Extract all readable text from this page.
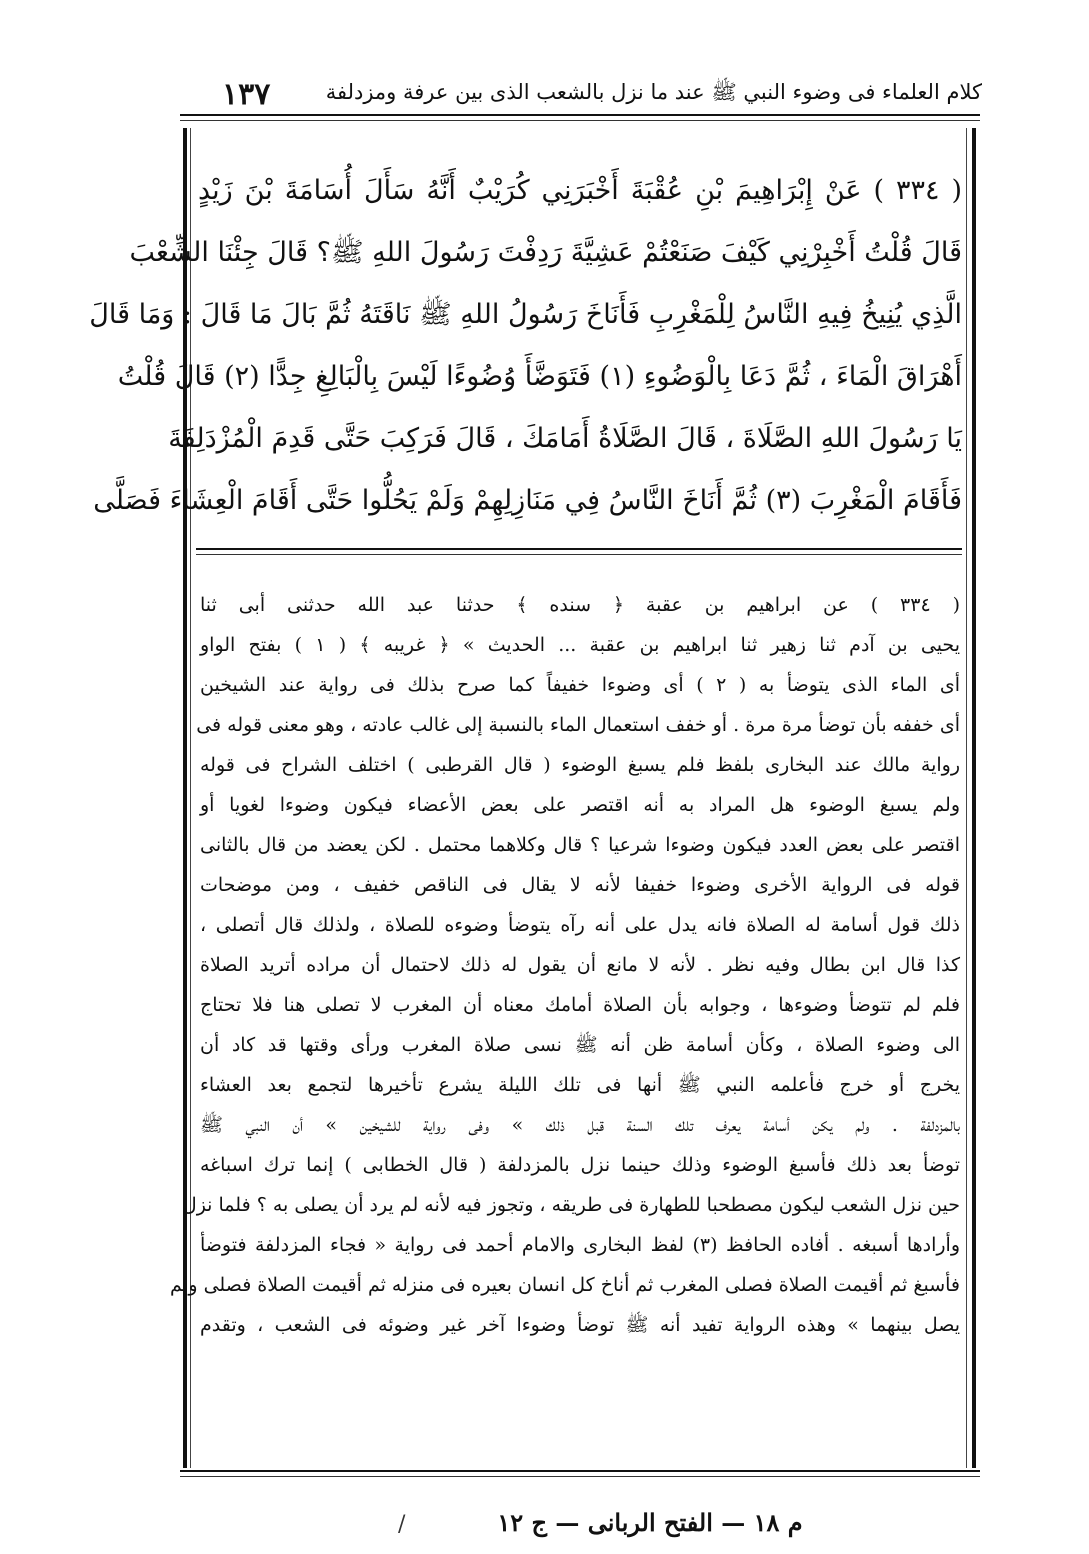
كلام العلماء فى وضوء النبي ﷺ عند ما نزل بالشعب الذى بين عرفة ومزدلفة
١٣٧
( ٣٣٤ ) عَنْ إِبْرَاهِيمَ بْنِ عُقْبَةَ أَخْبَرَنِي كُرَيْبٌ أَنَّهُ سَأَلَ أُسَامَةَ بْنَ زَيْدٍ
قَالَ قُلْتُ أَخْبِرْنِي كَيْفَ صَنَعْتُمْ عَشِيَّةَ رَدِفْتَ رَسُولَ اللهِ ﷺ؟ قَالَ جِئْنَا الشِّعْبَ
الَّذِي يُنِيخُ فِيهِ النَّاسُ لِلْمَغْرِبِ فَأَنَاخَ رَسُولُ اللهِ ﷺ نَاقَتَهُ ثُمَّ بَالَ مَا قَالَ : وَمَا قَالَ
أَهْرَاقَ الْمَاءَ ، ثُمَّ دَعَا بِالْوَضُوءِ (١) فَتَوَضَّأَ وُضُوءًا لَيْسَ بِالْبَالِغِ جِدًّا (٢) قَالَ قُلْتُ
يَا رَسُولَ اللهِ الصَّلَاةَ ، قَالَ الصَّلَاةُ أَمَامَكَ ، قَالَ فَرَكِبَ حَتَّى قَدِمَ الْمُزْدَلِفَةَ
فَأَقَامَ الْمَغْرِبَ (٣) ثُمَّ أَنَاخَ النَّاسُ فِي مَنَازِلِهِمْ وَلَمْ يَحُلُّوا حَتَّى أَقَامَ الْعِشَاءَ فَصَلَّى
( ٣٣٤ ) عن ابراهيم بن عقبة ﴿ سنده ﴾ حدثنا عبد الله حدثنى أبى ثنا
يحيى بن آدم ثنا زهير ثنا ابراهيم بن عقبة ... الحديث » ﴿ غريبه ﴾ ( ١ ) بفتح الواو
أى الماء الذى يتوضأ به ( ٢ ) أى وضوءا خفيفاً كما صرح بذلك فى رواية عند الشيخين
أى خففه بأن توضأ مرة مرة . أو خفف استعمال الماء بالنسبة إلى غالب عادته ، وهو معنى قوله فى
رواية مالك عند البخارى بلفظ فلم يسبغ الوضوء ( قال القرطبى ) اختلف الشراح فى قوله
ولم يسبغ الوضوء هل المراد به أنه اقتصر على بعض الأعضاء فيكون وضوءا لغويا أو
اقتصر على بعض العدد فيكون وضوءا شرعيا ؟ قال وكلاهما محتمل . لكن يعضد من قال بالثانى
قوله فى الرواية الأخرى وضوءا خفيفا لأنه لا يقال فى الناقص خفيف ، ومن موضحات
ذلك قول أسامة له الصلاة فانه يدل على أنه رآه يتوضأ وضوءه للصلاة ، ولذلك قال أتصلى ،
كذا قال ابن بطال وفيه نظر . لأنه لا مانع أن يقول له ذلك لاحتمال أن مراده أتريد الصلاة
فلم لم تتوضأ وضوءها ، وجوابه بأن الصلاة أمامك معناه أن المغرب لا تصلى هنا فلا تحتاج
الى وضوء الصلاة ، وكأن أسامة ظن أنه ﷺ نسى صلاة المغرب ورأى وقتها قد كاد أن
يخرج أو خرج فأعلمه النبي ﷺ أنها فى تلك الليلة يشرع تأخيرها لتجمع بعد العشاء
بالمزدلفة . ولم يكن أسامة يعرف تلك السنة قبل ذلك » وفى رواية للشيخين » أن النبي ﷺ
توضأ بعد ذلك فأسبغ الوضوء وذلك حينما نزل بالمزدلفة ( قال الخطابى ) إنما ترك اسباغه
حين نزل الشعب ليكون مصطحبا للطهارة فى طريقه ، وتجوز فيه لأنه لم يرد أن يصلى به ؟ فلما نزل
وأرادها أسبغه . أفاده الحافظ (٣) لفظ البخارى والامام أحمد فى رواية « فجاء المزدلفة فتوضأ
فأسبغ ثم أقيمت الصلاة فصلى المغرب ثم أناخ كل انسان بعيره فى منزله ثم أقيمت الصلاة فصلى ولم
يصل بينهما » وهذه الرواية تفيد أنه ﷺ توضأ وضوءا آخر غير وضوئه فى الشعب ، وتقدم
/	م ١٨ — الفتح الربانى — ج ١٢
